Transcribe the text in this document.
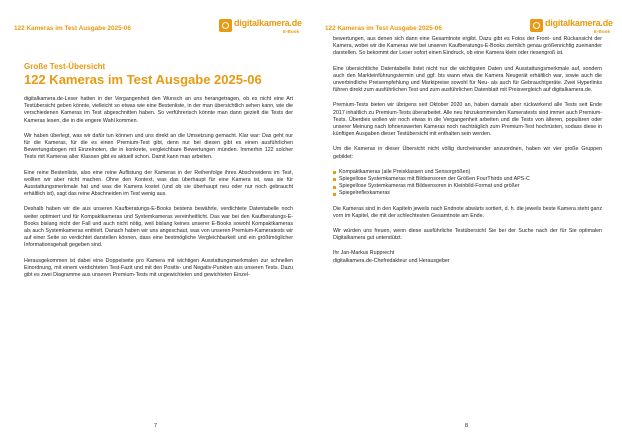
122 Kameras im Test Ausgabe 2025-06
digitalkamera.de
E-Book
Große Test-Übersicht
122 Kameras im Test Ausgabe 2025-06

digitalkamera.de-Leser hatten in der Vergangenheit den Wunsch an uns herangetragen, ob es nicht eine Art Testübersicht geben könnte, vielleicht so etwas wie eine Bestenliste, in der man übersichtlich sehen kann, wie die verschiedenen Kameras im Test abgeschnitten haben. So verführerisch könnte man dann gezielt die Tests der Kameras lesen, die in die engere Wahl kommen.

Wir haben überlegt, was wir dafür tun können und uns direkt an die Umsetzung gemacht. Klar war: Das geht nur für die Kameras, für die es einen Premium-Test gibt, denn nur bei diesen gibt es einen ausführlichen Bewertungsbogen mit Einzelnoten, die in konkrete, vergleichbare Bewertungen münden. Immerhin 122 solcher Tests mit Kameras aller Klassen gibt es aktuell schon. Damit kann man arbeiten.

Eine reine Bestenliste, also eine reine Auflistung der Kameras in der Reihenfolge ihres Abschneidens im Test, wollten wir aber nicht machen. Ohne den Kontext, was das überhaupt für eine Kamera ist, was sie für Ausstattungsmerkmale hat und was die Kamera kostet (und ob sie überhaupt neu oder nur noch gebraucht erhältlich ist), sagt das reine Abschneiden im Test wenig aus.

Deshalb haben wir die aus unseren Kaufberatungs-E-Books bestens bewährte, verdichtete Datentabelle noch weiter optimiert und für Kompaktkameras und Systemkameras vereinheitlicht. Das war bei den Kaufberatungs-E-Books bislang nicht der Fall und auch nicht nötig, weil bislang keines unserer E-Books sowohl Kompaktkameras als auch Systemkameras enthielt. Danach haben wir uns angeschaut, was von unseren Premium-Kameratests wir auf einer Seite so verdichtet darstellen können, dass eine bestmögliche Vergleichbarkeit und ein größtmöglicher Informationsgehalt gegeben sind.

Herausgekommen ist dabei eine Doppelseite pro Kamera mit wichtigen Ausstattungsmerkmalen zur schnellen Einordnung, mit einem verdichteten Test-Fazit und mit den Positiv- und Negativ-Punkten aus unseren Tests. Dazu gibt es zwei Diagramme aus unseren Premium-Tests mit ungewichteten und gewichteten Einzel-

7
122 Kameras im Test Ausgabe 2025-06
digitalkamera.de
E-Book

bewertungen, aus denen sich dann eine Gesamtnote ergibt. Dazu gibt es Fotos der Front- und Rückansicht der Kamera, wobei wir die Kameras wie bei unseren Kaufberatungs-E-Books ziemlich genau größenrichtig zueinander darstellen. So bekommt der Leser sofort einen Eindruck, ob eine Kamera klein oder riesengroß ist.

Eine übersichtliche Datentabelle listet nicht nur die wichtigsten Daten und Ausstattungsmerkmale auf, sondern auch den Markteinführungstermin und ggf. bis wann etwa die Kamera Neugerät erhältlich war, sowie auch die unverbindliche Preisempfehlung und Marktpreise sowohl für Neu- als auch für Gebrauchtgeräte. Zwei Hyperlinks führen direkt zum ausführlichen Test und zum ausführlichen Datenblatt mit Preisvergleich auf digitalkamera.de.

Premium-Tests bieten wir übrigens seit Oktober 2020 an, haben damals aber rückwirkend alle Tests seit Ende 2017 inhaltlich zu Premium-Tests überarbeitet. Alle neu hinzukommenden Kameratests sind immer auch Premium-Tests. Überdies wollen wir noch etwas in die Vergangenheit arbeiten und die Tests von älteren, populären oder unserer Meinung nach lohnenswerten Kameras noch nachträglich zum Premium-Test hochrüsten, sodass diese in künftigen Ausgaben dieser Testübersicht mit enthalten sein werden.

Um die Kameras in dieser Übersicht nicht völlig durcheinander anzuordnen, haben wir vier große Gruppen gebildet:

Kompaktkameras (alle Preisklassen und Sensorgrößen)
Spiegellose Systemkameras mit Bildsensoren der Größen FourThirds und APS-C
Spiegellose Systemkameras mit Bildsensoren in Kleinbild-Format und größer
Spiegelreflexkameras

Die Kameras sind in den Kapiteln jeweils nach Endnote abwärts sortiert, d. h. die jeweils beste Kamera steht ganz vorn im Kapitel, die mit der schlechtesten Gesamtnote am Ende.

Wir würden uns freuen, wenn diese ausführliche Testübersicht Sie bei der Suche nach der für Sie optimalen Digitalkamera gut unterstützt.

Ihr Jan-Markus Rupprecht
digitalkamera.de-Chefredakteur und Herausgeber

8
